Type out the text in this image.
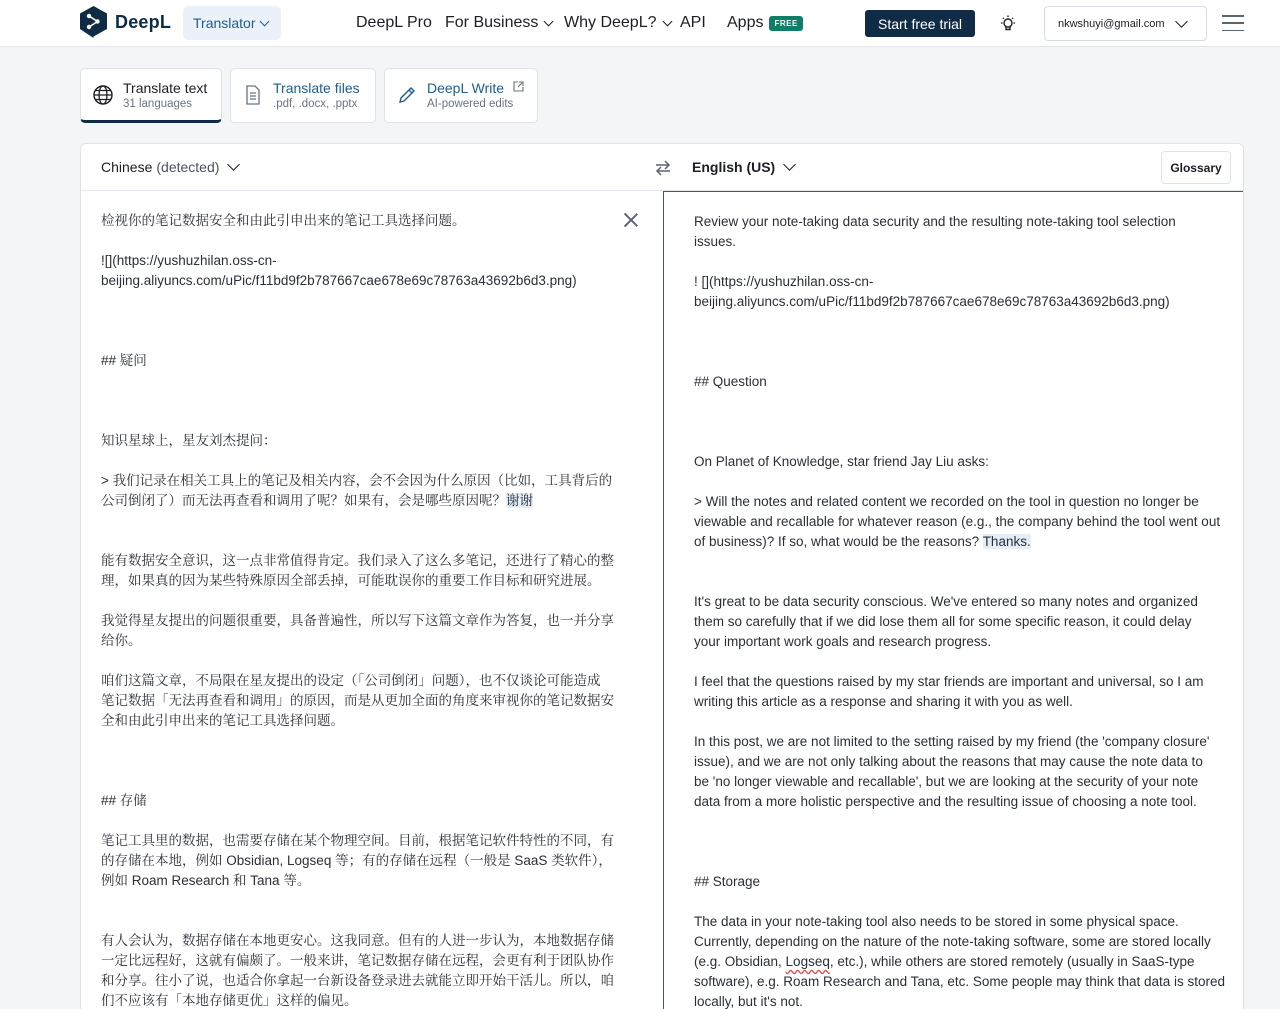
DeepL Translator	DeepL Pro For Business Why DeepL? API Apps	FREE	Start free trial	nkwshuyi@gmail.com
Translate text
31 languages
Translate files
.pdf, .docx, .pptx
DeepL Write
AI-powered edits
Chinese (detected)	English (US)	Glossary
检视你的笔记数据安全和由此引申出来的笔记工具选择问题。
![](https://yushuzhilan.oss-cn-
beijing.aliyuncs.com/uPic/f11bd9f2b787667cae678e69c78763a43692b6d3.png)
## 疑问
知识星球上，星友刘杰提问：
> 我们记录在相关工具上的笔记及相关内容，会不会因为什么原因（比如，工具背后的
公司倒闭了）而无法再查看和调用了呢？如果有，会是哪些原因呢？谢谢
能有数据安全意识，这一点非常值得肯定。我们录入了这么多笔记，还进行了精心的整
理，如果真的因为某些特殊原因全部丢掉，可能耽误你的重要工作目标和研究进展。
我觉得星友提出的问题很重要，具备普遍性，所以写下这篇文章作为答复，也一并分享
给你。
咱们这篇文章，不局限在星友提出的设定（「公司倒闭」问题），也不仅谈论可能造成
笔记数据「无法再查看和调用」的原因，而是从更加全面的角度来审视你的笔记数据安
全和由此引申出来的笔记工具选择问题。
## 存储
笔记工具里的数据，也需要存储在某个物理空间。目前，根据笔记软件特性的不同，有
的存储在本地，例如 Obsidian, Logseq 等；有的存储在远程（一般是 SaaS 类软件），
例如 Roam Research 和 Tana 等。
有人会认为，数据存储在本地更安心。这我同意。但有的人进一步认为，本地数据存储
一定比远程好，这就有偏颇了。一般来讲，笔记数据存储在远程，会更有利于团队协作
和分享。往小了说，也适合你拿起一台新设备登录进去就能立即开始干活儿。所以，咱
们不应该有「本地存储更优」这样的偏见。
Review your note-taking data security and the resulting note-taking tool selection
issues.
! [](https://yushuzhilan.oss-cn-
beijing.aliyuncs.com/uPic/f11bd9f2b787667cae678e69c78763a43692b6d3.png)
## Question
On Planet of Knowledge, star friend Jay Liu asks:
> Will the notes and related content we recorded on the tool in question no longer be
viewable and recallable for whatever reason (e.g., the company behind the tool went out
of business)? If so, what would be the reasons? Thanks.
It's great to be data security conscious. We've entered so many notes and organized
them so carefully that if we did lose them all for some specific reason, it could delay
your important work goals and research progress.
I feel that the questions raised by my star friends are important and universal, so I am
writing this article as a response and sharing it with you as well.
In this post, we are not limited to the setting raised by my friend (the 'company closure'
issue), and we are not only talking about the reasons that may cause the note data to
be 'no longer viewable and recallable', but we are looking at the security of your note
data from a more holistic perspective and the resulting issue of choosing a note tool.
## Storage
The data in your note-taking tool also needs to be stored in some physical space.
Currently, depending on the nature of the note-taking software, some are stored locally
(e.g. Obsidian, Logseq, etc.), while others are stored remotely (usually in SaaS-type
software), e.g. Roam Research and Tana, etc. Some people may think that data is stored
locally, but it's not.
